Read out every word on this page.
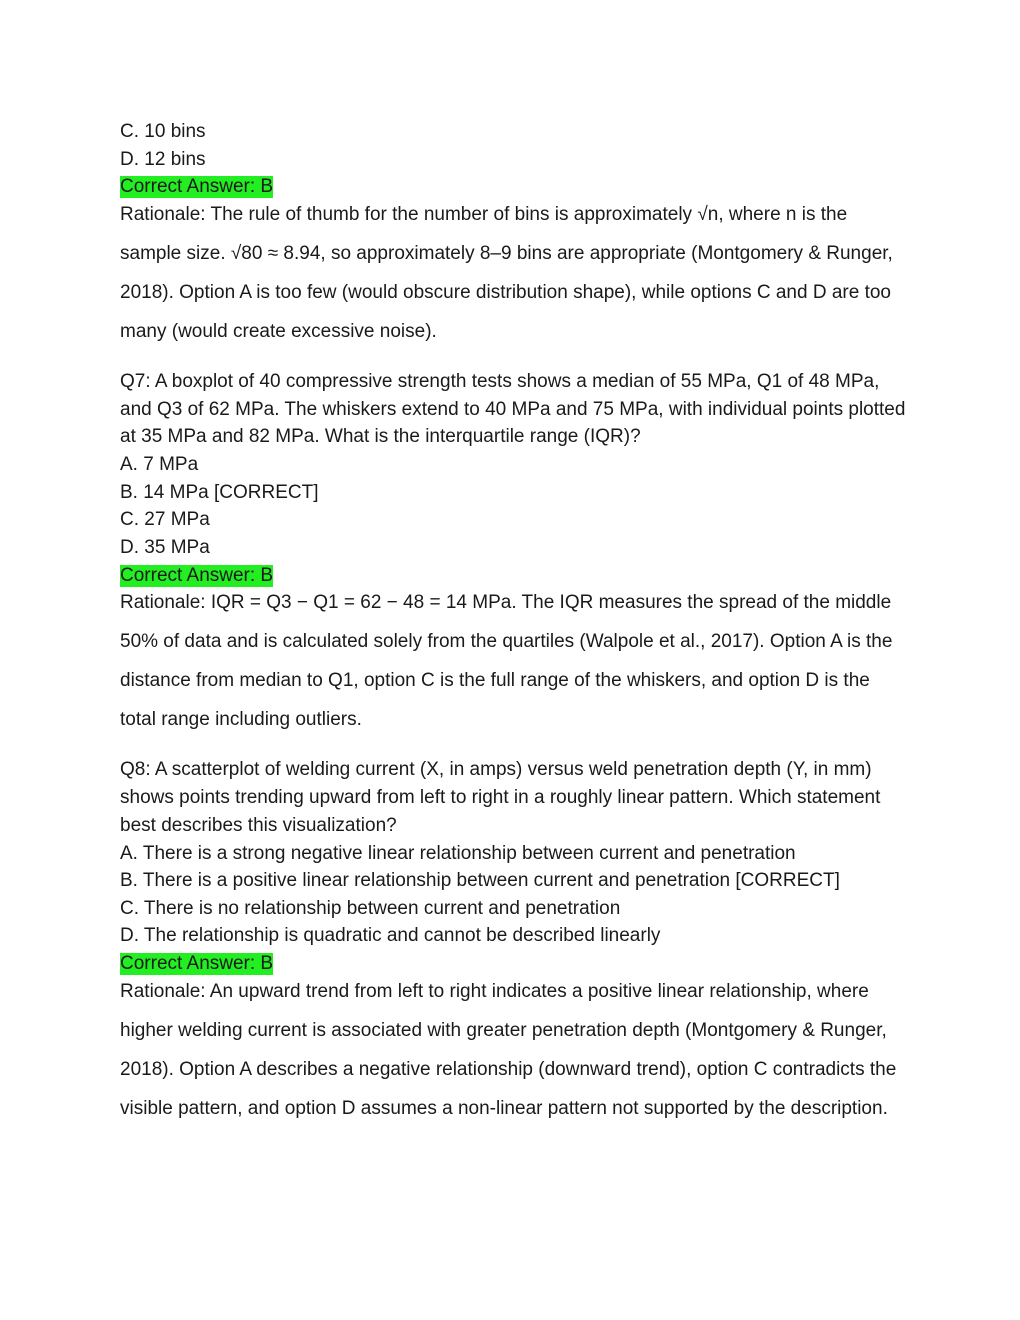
C. 10 bins
D. 12 bins
Correct Answer: B
Rationale: The rule of thumb for the number of bins is approximately √n, where n is the sample size. √80 ≈ 8.94, so approximately 8–9 bins are appropriate (Montgomery & Runger, 2018). Option A is too few (would obscure distribution shape), while options C and D are too many (would create excessive noise).
Q7: A boxplot of 40 compressive strength tests shows a median of 55 MPa, Q1 of 48 MPa, and Q3 of 62 MPa. The whiskers extend to 40 MPa and 75 MPa, with individual points plotted at 35 MPa and 82 MPa. What is the interquartile range (IQR)?
A. 7 MPa
B. 14 MPa [CORRECT]
C. 27 MPa
D. 35 MPa
Correct Answer: B
Rationale: IQR = Q3 − Q1 = 62 − 48 = 14 MPa. The IQR measures the spread of the middle 50% of data and is calculated solely from the quartiles (Walpole et al., 2017). Option A is the distance from median to Q1, option C is the full range of the whiskers, and option D is the total range including outliers.
Q8: A scatterplot of welding current (X, in amps) versus weld penetration depth (Y, in mm) shows points trending upward from left to right in a roughly linear pattern. Which statement best describes this visualization?
A. There is a strong negative linear relationship between current and penetration
B. There is a positive linear relationship between current and penetration [CORRECT]
C. There is no relationship between current and penetration
D. The relationship is quadratic and cannot be described linearly
Correct Answer: B
Rationale: An upward trend from left to right indicates a positive linear relationship, where higher welding current is associated with greater penetration depth (Montgomery & Runger, 2018). Option A describes a negative relationship (downward trend), option C contradicts the visible pattern, and option D assumes a non-linear pattern not supported by the description.
